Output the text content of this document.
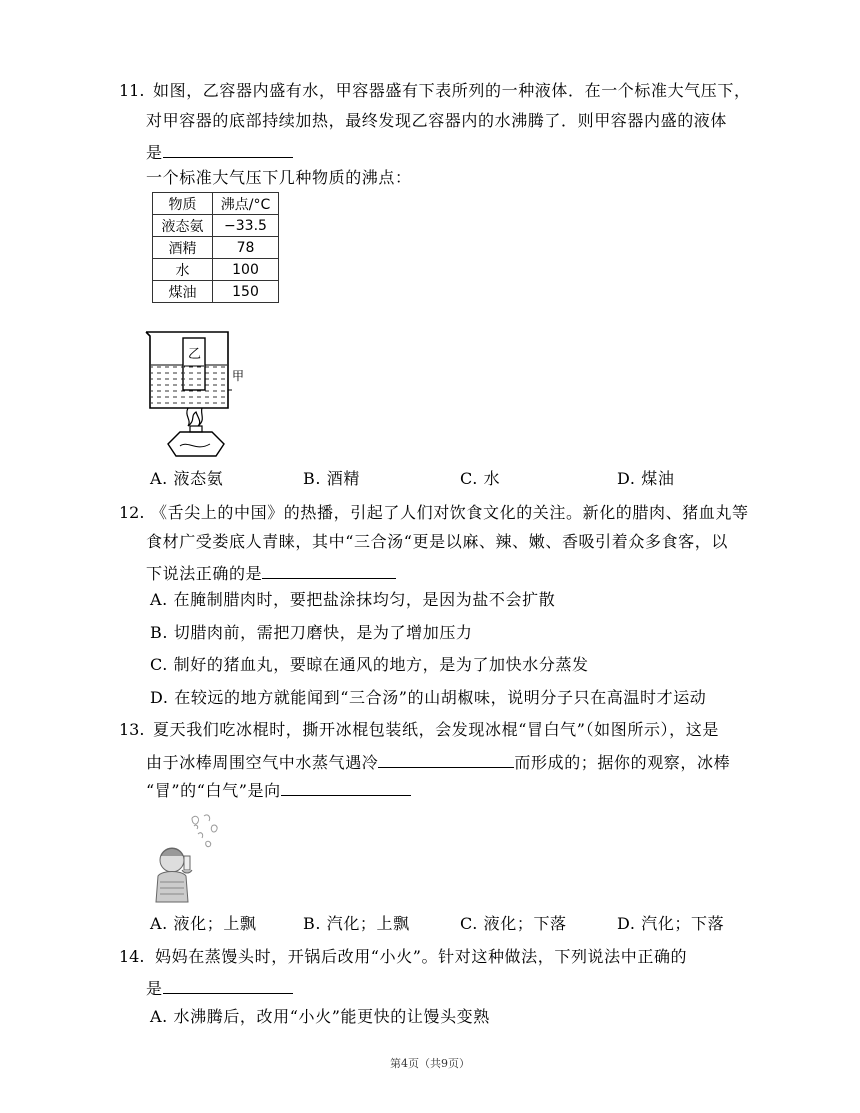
11. 如图，乙容器内盛有水，甲容器盛有下表所列的一种液体．在一个标准大气压下，
对甲容器的底部持续加热，最终发现乙容器内的水沸腾了．则甲容器内盛的液体
是
一个标准大气压下几种物质的沸点：
物质	沸点/°C
液态氨	−33.5
酒精	78
水	100
煤油	150
乙
甲
A. 液态氨	B. 酒精	C. 水	D. 煤油
12. 《舌尖上的中国》的热播，引起了人们对饮食文化的关注。新化的腊肉、猪血丸等
食材广受娄底人青睐，其中“三合汤“更是以麻、辣、嫩、香吸引着众多食客，以
下说法正确的是
A. 在腌制腊肉时，要把盐涂抹均匀，是因为盐不会扩散
B. 切腊肉前，需把刀磨快，是为了增加压力
C. 制好的猪血丸，要晾在通风的地方，是为了加快水分蒸发
D. 在较远的地方就能闻到“三合汤”的山胡椒味，说明分子只在高温时才运动
13. 夏天我们吃冰棍时，撕开冰棍包装纸，会发现冰棍“冒白气”（如图所示），这是
由于冰棒周围空气中水蒸气遇冷	而形成的；据你的观察，冰棒
“冒”的“白气”是向
A. 液化；上飘	B. 汽化；上飘	C. 液化；下落	D. 汽化；下落
14. 妈妈在蒸馒头时，开锅后改用“小火”。针对这种做法，下列说法中正确的
是
A. 水沸腾后，改用“小火”能更快的让馒头变熟
第4页（共9页）
